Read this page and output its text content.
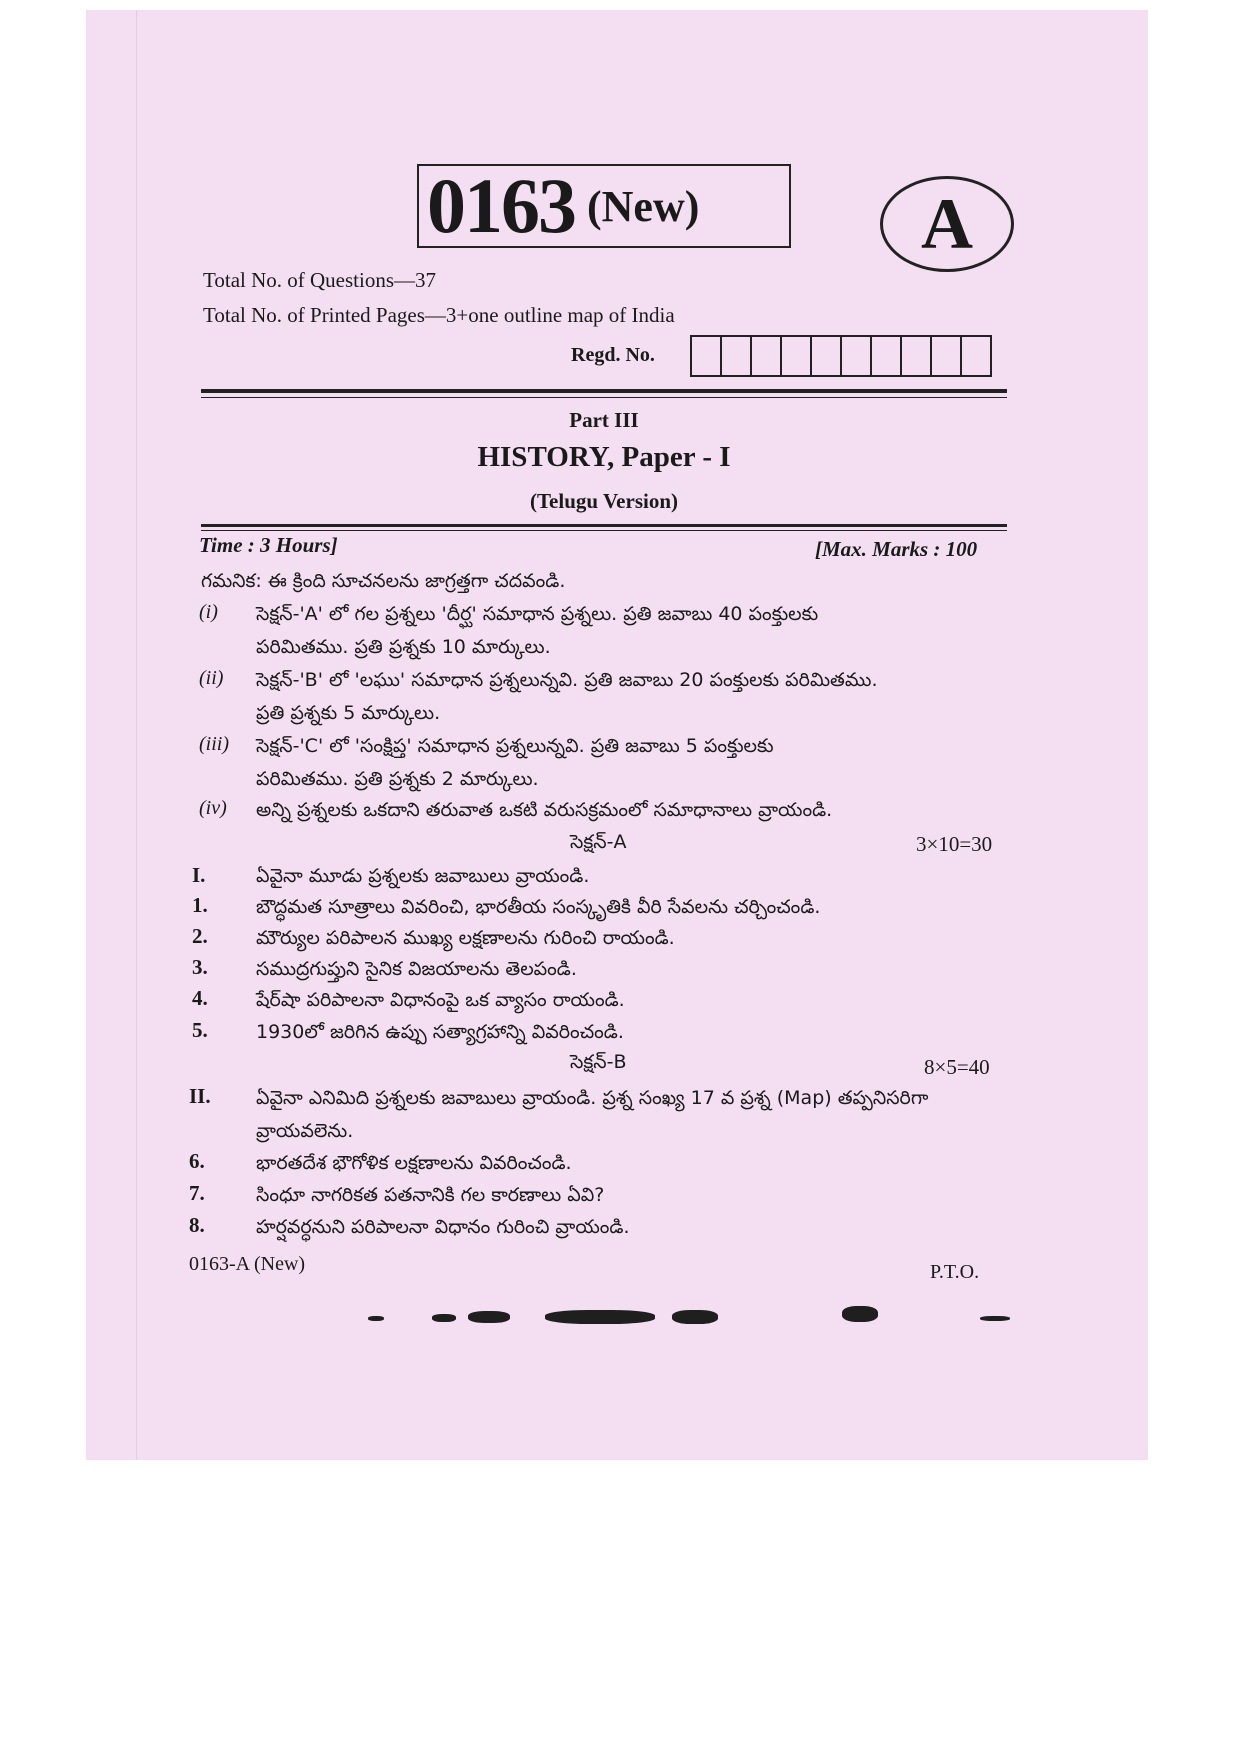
0163 (New)	A
Total No. of Questions—37
Total No. of Printed Pages—3+one outline map of India
Regd. No.
Part III
HISTORY, Paper - I
(Telugu Version)
Time : 3 Hours]	[Max. Marks : 100
గమనిక: ఈ క్రింది సూచనలను జాగ్రత్తగా చదవండి.
(i) సెక్షన్-'A' లో గల ప్రశ్నలు 'దీర్ఘ' సమాధాన ప్రశ్నలు. ప్రతి జవాబు 40 పంక్తులకు
పరిమితము. ప్రతి ప్రశ్నకు 10 మార్కులు.
(ii) సెక్షన్-'B' లో 'లఘు' సమాధాన ప్రశ్నలున్నవి. ప్రతి జవాబు 20 పంక్తులకు పరిమితము.
ప్రతి ప్రశ్నకు 5 మార్కులు.
(iii) సెక్షన్-'C' లో 'సంక్షిప్త' సమాధాన ప్రశ్నలున్నవి. ప్రతి జవాబు 5 పంక్తులకు
పరిమితము. ప్రతి ప్రశ్నకు 2 మార్కులు.
(iv) అన్ని ప్రశ్నలకు ఒకదాని తరువాత ఒకటి వరుసక్రమంలో సమాధానాలు వ్రాయండి.
సెక్షన్-A	3×10=30
I.	ఏవైనా మూడు ప్రశ్నలకు జవాబులు వ్రాయండి.
1.	బౌద్ధమత సూత్రాలు వివరించి, భారతీయ సంస్కృతికి వీరి సేవలను చర్చించండి.
2.	మౌర్యుల పరిపాలన ముఖ్య లక్షణాలను గురించి రాయండి.
3.	సముద్రగుప్తుని సైనిక విజయాలను తెలపండి.
4.	షేర్‌షా పరిపాలనా విధానంపై ఒక వ్యాసం రాయండి.
5.	1930లో జరిగిన ఉప్పు సత్యాగ్రహాన్ని వివరించండి.
సెక్షన్-B	8×5=40
II. ఏవైనా ఎనిమిది ప్రశ్నలకు జవాబులు వ్రాయండి. ప్రశ్న సంఖ్య 17 వ ప్రశ్న (Map) తప్పనిసరిగా
వ్రాయవలెను.
6.	భారతదేశ భౌగోళిక లక్షణాలను వివరించండి.
7.	సింధూ నాగరికత పతనానికి గల కారణాలు ఏవి?
8.	హర్షవర్ధనుని పరిపాలనా విధానం గురించి వ్రాయండి.
0163-A (New)	P.T.O.
